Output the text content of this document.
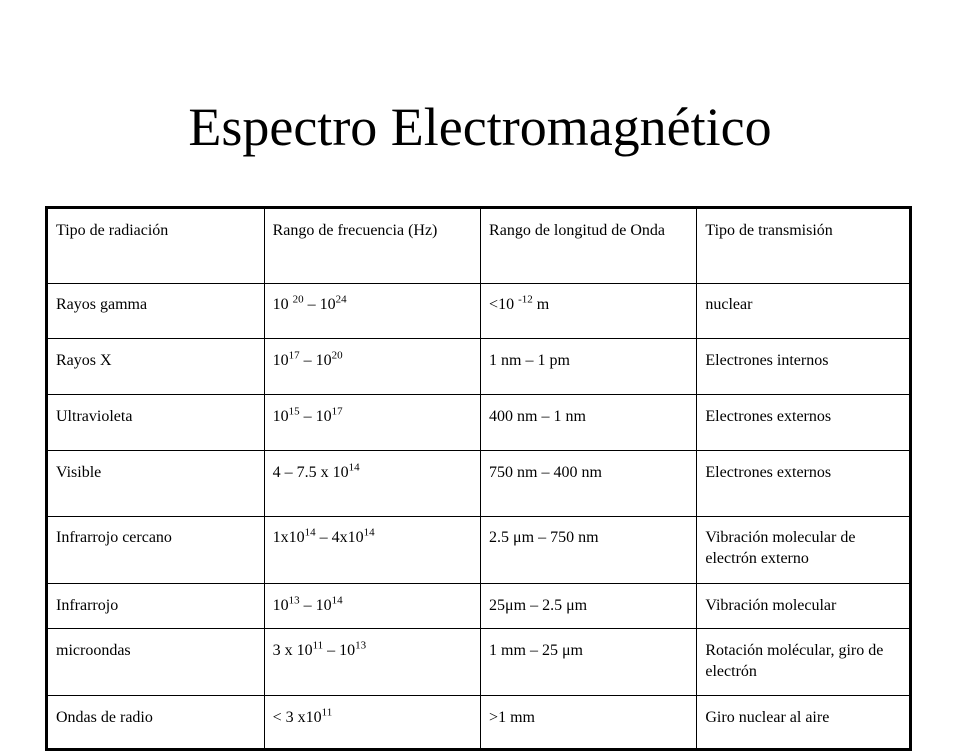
Espectro Electromagnético
Tipo de radiación	Rango de frecuencia (Hz)	Rango de longitud de Onda	Tipo de transmisión
Rayos gamma	10 $^{20} - 10^{24}$	<10 $^{-12}$ m	nuclear
Rayos X	$10^{17} - 10^{20}$	1 nm – 1 pm	Electrones internos
Ultravioleta	$10^{15} - 10^{17}$	400 nm – 1 nm	Electrones externos
Visible	4 – 7.5 x $10^{14}$	750 nm – 400 nm	Electrones externos
Infrarrojo cercano	$1x10^{14} - 4x10^{14}$	2.5 μm – 750 nm	Vibración molecular de electrón externo
Infrarrojo	$10^{13} - 10^{14}$	25μm – 2.5 μm	Vibración molecular
microondas	3 x $10^{11} - 10^{13}$	1 mm – 25 μm	Rotación molécular, giro de electrón
Ondas de radio	< 3 $x10^{11}$	>1 mm	Giro nuclear al aire
